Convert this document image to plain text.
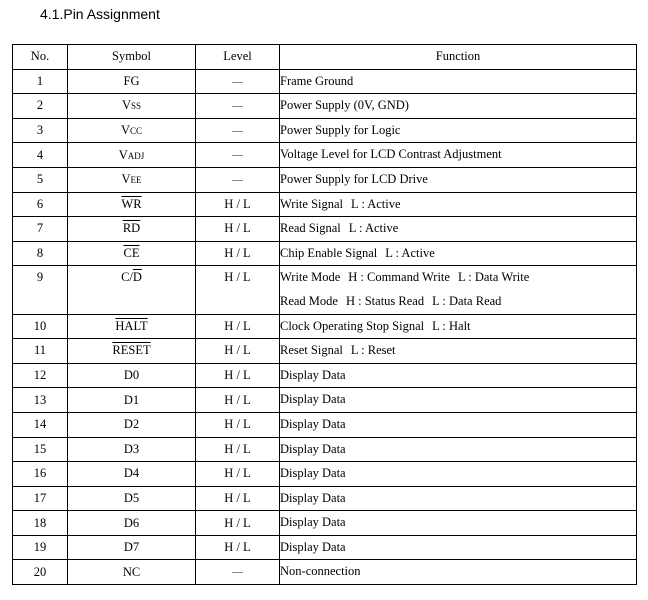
4.1.Pin Assignment
No.	Symbol	Level	Function
1	FG		Frame Ground

2	VSS		Power Supply (0V, GND)

3	VCC		Power Supply for Logic

4	VADJ		Voltage Level for LCD Contrast Adjustment

5	VEE		Power Supply for LCD Drive

6	$\overline{WR}$	H / L	Write Signal L : Active

7	$\overline{RD}$	H / L	Read Signal L : Active

8	$\overline{CE}$	H / L	Chip Enable Signal L : Active

9	$C/\overline{D}$	H / L	Write Mode H : Command Write L : Data Write
Read Mode H : Status Read L : Data Read

10	HALT	H / L	Clock Operating Stop Signal L : Halt

11	RESET	H / L	Reset Signal L : Reset

12	D0	H / L	Display Data

13	D1	H / L	Display Data

14	D2	H / L	Display Data

15	D3	H / L	Display Data

16	D4	H / L	Display Data

17	D5	H / L	Display Data

18	D6	H / L	Display Data

19	D7	H / L	Display Data

20	NC		Non-connection
